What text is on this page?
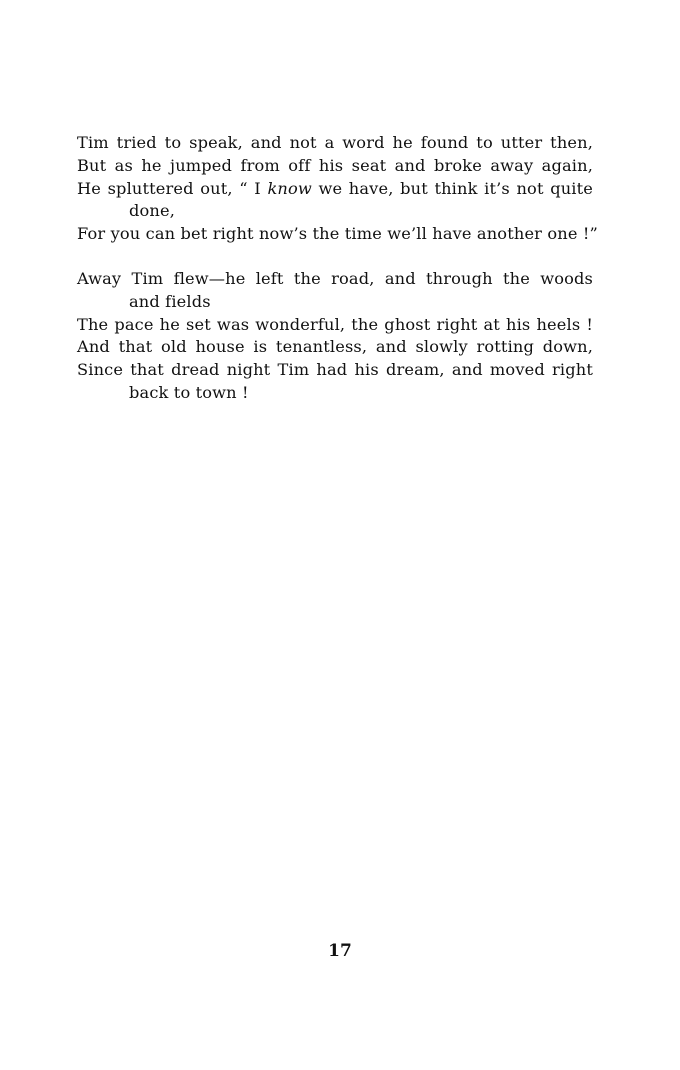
Tim tried to speak, and not a word he found to utter then,
But as he jumped from off his seat and broke away again,
He spluttered out, “ I know we have, but think it’s not quite
done,
For you can bet right now’s the time we’ll have another one !”
Away Tim flew—he left the road, and through the woods
and fields
The pace he set was wonderful, the ghost right at his heels !
And that old house is tenantless, and slowly rotting down,
Since that dread night Tim had his dream, and moved right
back to town !
17
